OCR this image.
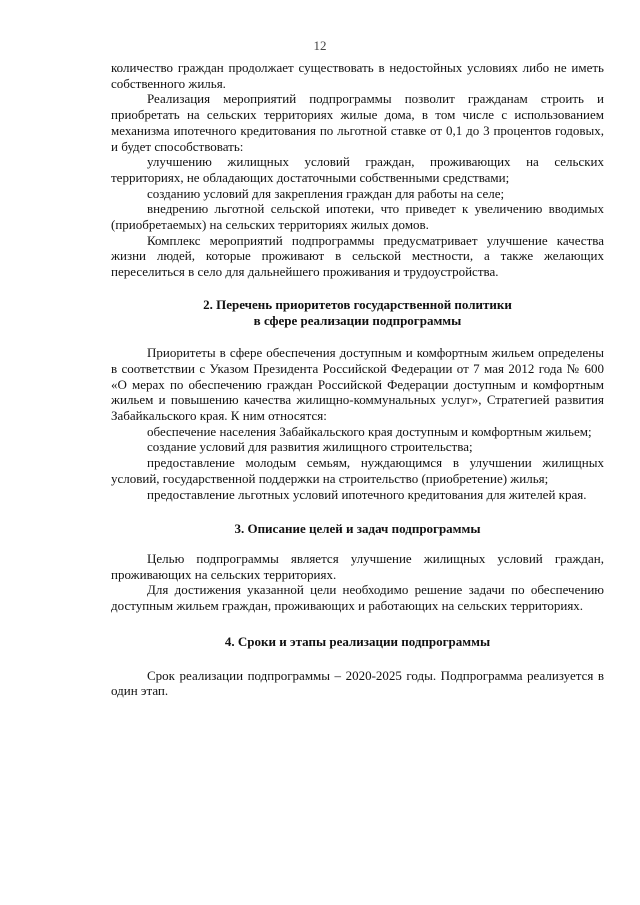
12

количество граждан продолжает существовать в недостойных условиях либо не иметь собственного жилья.

Реализация мероприятий подпрограммы позволит гражданам строить и приобретать на сельских территориях жилые дома, в том числе с использованием механизма ипотечного кредитования по льготной ставке от 0,1 до 3 процентов годовых, и будет способствовать:

улучшению жилищных условий граждан, проживающих на сельских территориях, не обладающих достаточными собственными средствами;

созданию условий для закрепления граждан для работы на селе;

внедрению льготной сельской ипотеки, что приведет к увеличению вводимых (приобретаемых) на сельских территориях жилых домов.

Комплекс мероприятий подпрограммы предусматривает улучшение качества жизни людей, которые проживают в сельской местности, а также желающих переселиться в село для дальнейшего проживания и трудоустройства.

2. Перечень приоритетов государственной политики
в сфере реализации подпрограммы

Приоритеты в сфере обеспечения доступным и комфортным жильем определены в соответствии с Указом Президента Российской Федерации от 7 мая 2012 года № 600 «О мерах по обеспечению граждан Российской Федерации доступным и комфортным жильем и повышению качества жилищно-коммунальных услуг», Стратегией развития Забайкальского края. К ним относятся:

обеспечение населения Забайкальского края доступным и комфортным жильем;

создание условий для развития жилищного строительства;

предоставление молодым семьям, нуждающимся в улучшении жилищных условий, государственной поддержки на строительство (приобретение) жилья;

предоставление льготных условий ипотечного кредитования для жителей края.

3. Описание целей и задач подпрограммы

Целью подпрограммы является улучшение жилищных условий граждан, проживающих на сельских территориях.

Для достижения указанной цели необходимо решение задачи по обеспечению доступным жильем граждан, проживающих и работающих на сельских территориях.

4. Сроки и этапы реализации подпрограммы

Срок реализации подпрограммы – 2020-2025 годы. Подпрограмма реализуется в один этап.
